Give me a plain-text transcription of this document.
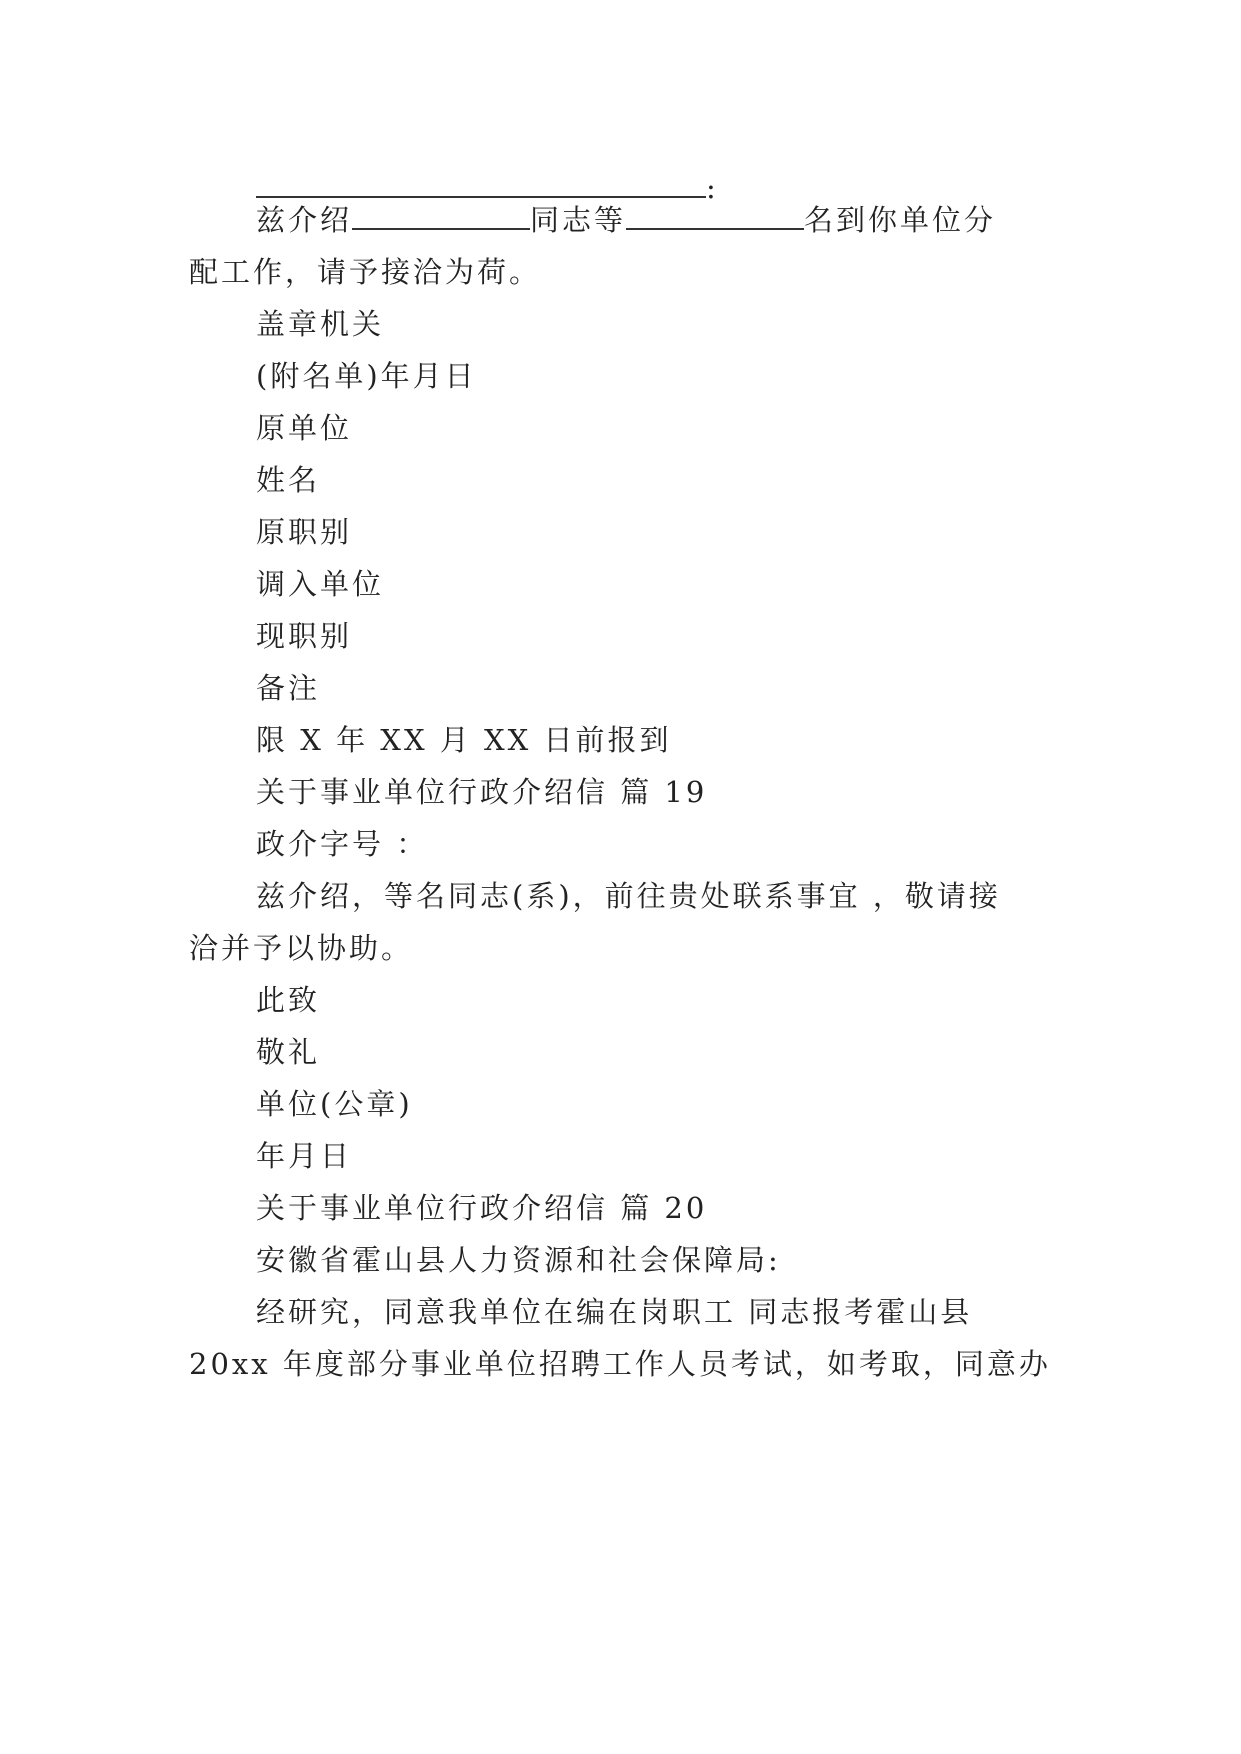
:
兹介绍	同志等	名到你单位分
配工作，请予接洽为荷。
盖章机关
(附名单)年月日
原单位
姓名
原职别
调入单位
现职别
备注
限 X 年 XX 月 XX 日前报到
关于事业单位行政介绍信 篇 19
政介字号 ：
兹介绍，等名同志(系)，前往贵处联系事宜 ，敬请接
洽并予以协助。
此致
敬礼
单位(公章)
年月日
关于事业单位行政介绍信 篇 20
安徽省霍山县人力资源和社会保障局:
经研究，同意我单位在编在岗职工 同志报考霍山县
20xx 年度部分事业单位招聘工作人员考试，如考取，同意办
